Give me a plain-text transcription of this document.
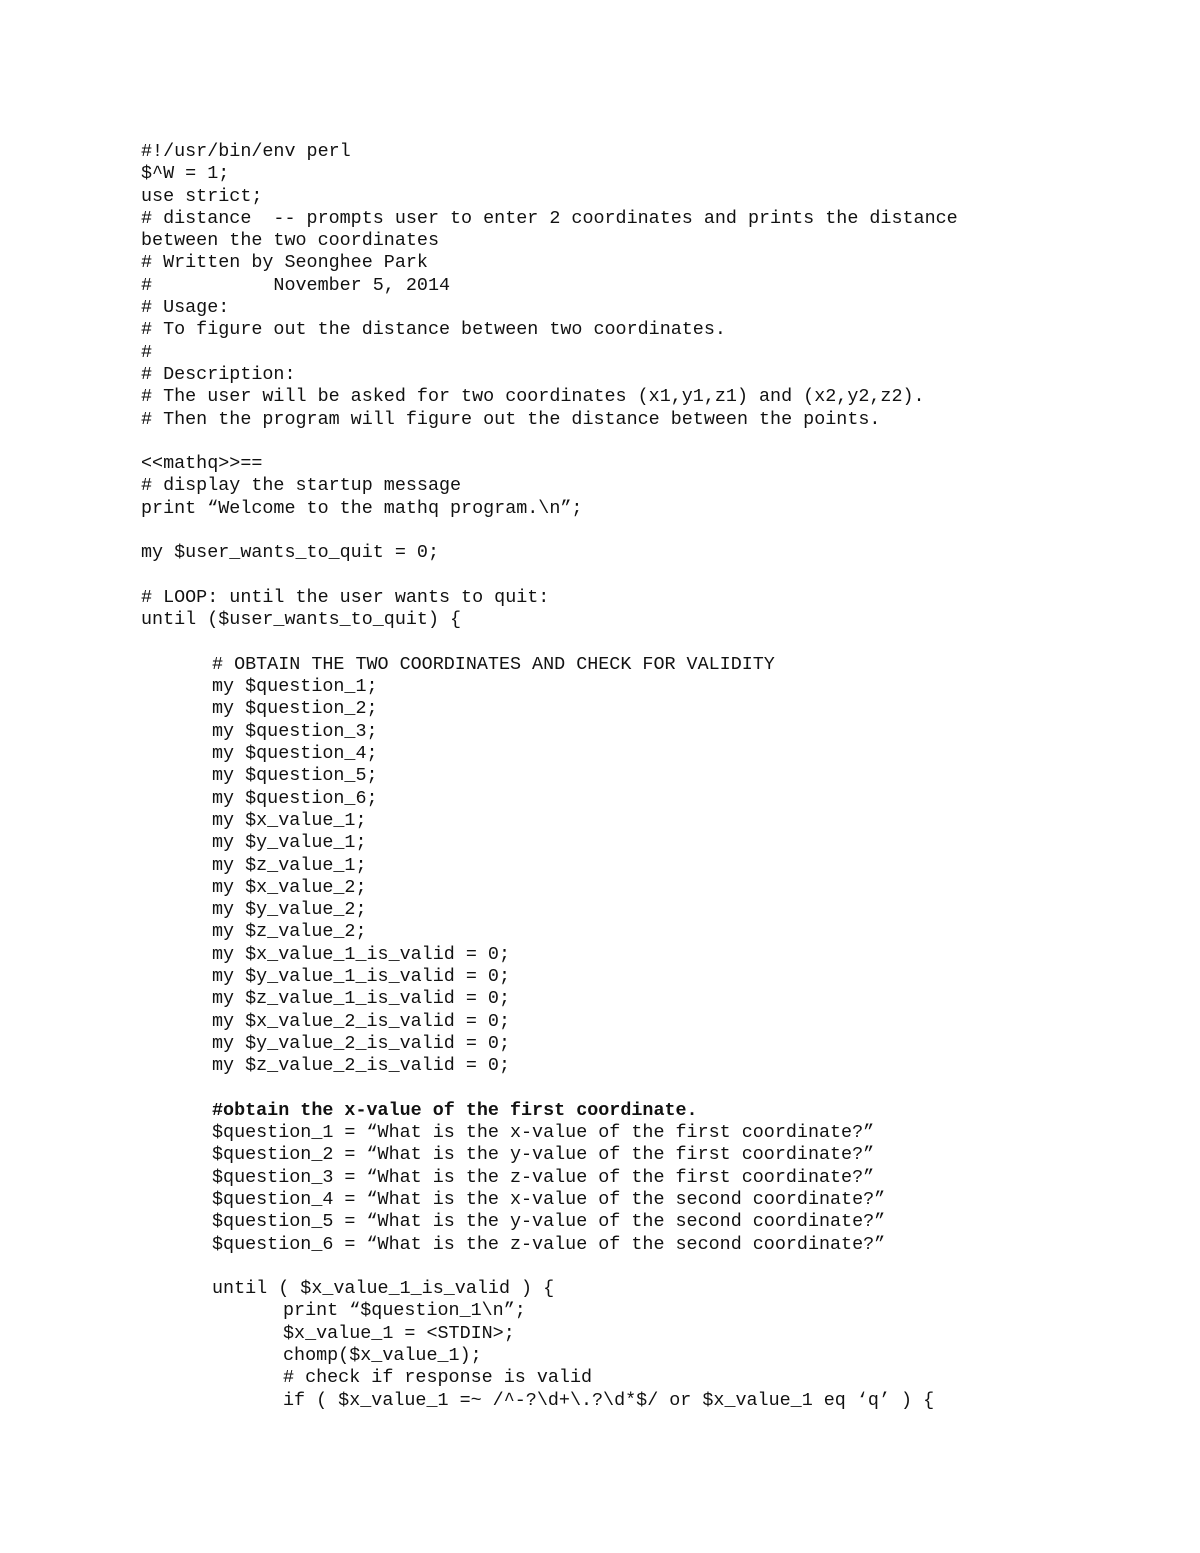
#!/usr/bin/env perl
$^W = 1;
use strict;
# distance  -- prompts user to enter 2 coordinates and prints the distance
between the two coordinates
# Written by Seonghee Park
#           November 5, 2014
# Usage:
# To figure out the distance between two coordinates.
#
# Description:
# The user will be asked for two coordinates (x1,y1,z1) and (x2,y2,z2).
# Then the program will figure out the distance between the points.
<<mathq>>==
# display the startup message
print “Welcome to the mathq program.\n”;
my $user_wants_to_quit = 0;
# LOOP: until the user wants to quit:
until ($user_wants_to_quit) {
# OBTAIN THE TWO COORDINATES AND CHECK FOR VALIDITY
my $question_1;
my $question_2;
my $question_3;
my $question_4;
my $question_5;
my $question_6;
my $x_value_1;
my $y_value_1;
my $z_value_1;
my $x_value_2;
my $y_value_2;
my $z_value_2;
my $x_value_1_is_valid = 0;
my $y_value_1_is_valid = 0;
my $z_value_1_is_valid = 0;
my $x_value_2_is_valid = 0;
my $y_value_2_is_valid = 0;
my $z_value_2_is_valid = 0;
#obtain the x-value of the first coordinate.
$question_1 = “What is the x-value of the first coordinate?”
$question_2 = “What is the y-value of the first coordinate?”
$question_3 = “What is the z-value of the first coordinate?”
$question_4 = “What is the x-value of the second coordinate?”
$question_5 = “What is the y-value of the second coordinate?”
$question_6 = “What is the z-value of the second coordinate?”
until ( $x_value_1_is_valid ) {
print “$question_1\n”;
$x_value_1 = <STDIN>;
chomp($x_value_1);
# check if response is valid
if ( $x_value_1 =~ /^-?\d+\.?\d*$/ or $x_value_1 eq ‘q’ ) {
